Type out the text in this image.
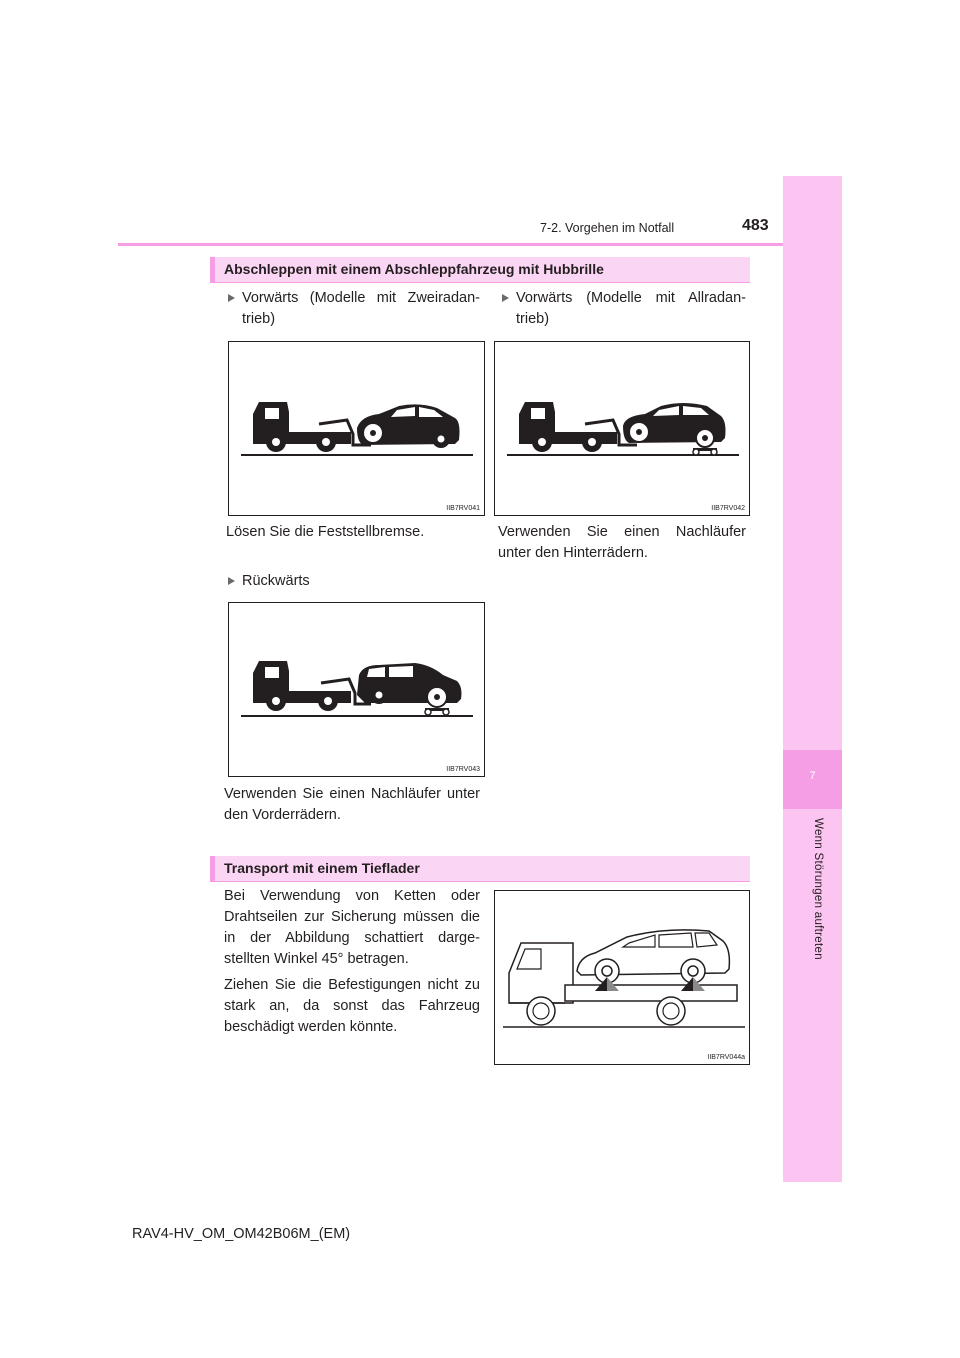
7-2. Vorgehen im Notfall	483
7
Wenn Störungen auftreten
Abschleppen mit einem Abschleppfahrzeug mit Hubbrille
Vorwärts (Modelle mit Zweiradan-trieb)
Vorwärts (Modelle mit Allradan-trieb)
IIB7RV041	IIB7RV042
Lösen Sie die Feststellbremse.	Verwenden Sie einen Nachläufer unter den Hinterrädern.
Rückwärts
IIB7RV043
Verwenden Sie einen Nachläufer unter den Vorderrädern.
Transport mit einem Tieflader
Bei Verwendung von Ketten oder Drahtseilen zur Sicherung müssen die in der Abbildung schattiert darge-stellten Winkel 45° betragen.
Ziehen Sie die Befestigungen nicht zu stark an, da sonst das Fahrzeug beschädigt werden könnte.
IIB7RV044a
RAV4-HV_OM_OM42B06M_(EM)
